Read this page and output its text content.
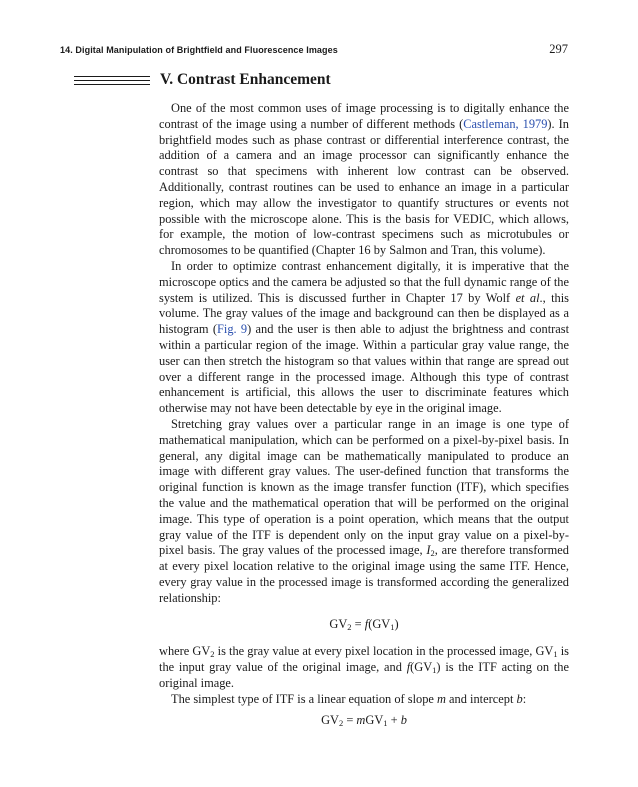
14. Digital Manipulation of Brightfield and Fluorescence Images	297
V. Contrast Enhancement

One of the most common uses of image processing is to digitally enhance the contrast of the image using a number of different methods (Castleman, 1979). In brightfield modes such as phase contrast or differential interference contrast, the addition of a camera and an image processor can significantly enhance the contrast so that specimens with inherent low contrast can be observed. Additionally, contrast routines can be used to enhance an image in a particular region, which may allow the investigator to quantify structures or events not possible with the microscope alone. This is the basis for VEDIC, which allows, for example, the motion of low-contrast specimens such as microtubules or chromosomes to be quantified (Chapter 16 by Salmon and Tran, this volume).

In order to optimize contrast enhancement digitally, it is imperative that the microscope optics and the camera be adjusted so that the full dynamic range of the system is utilized. This is discussed further in Chapter 17 by Wolf et al., this volume. The gray values of the image and background can then be displayed as a histogram (Fig. 9) and the user is then able to adjust the brightness and contrast within a particular region of the image. Within a particular gray value range, the user can then stretch the histogram so that values within that range are spread out over a different range in the processed image. Although this type of contrast enhancement is artificial, this allows the user to discriminate features which otherwise may not have been detectable by eye in the original image.

Stretching gray values over a particular range in an image is one type of mathematical manipulation, which can be performed on a pixel-by-pixel basis. In general, any digital image can be mathematically manipulated to produce an image with different gray values. The user-defined function that transforms the original function is known as the image transfer function (ITF), which specifies the value and the mathematical operation that will be performed on the original image. This type of operation is a point operation, which means that the output gray value of the ITF is dependent only on the input gray value on a pixel-by-pixel basis. The gray values of the processed image, $I_2$, are therefore transformed at every pixel location relative to the original image using the same ITF. Hence, every gray value in the processed image is transformed according the generalized relationship:

$GV_2 = f(GV_1)$

where $GV_2$ is the gray value at every pixel location in the processed image, $GV_1$ is the input gray value of the original image, and $f(GV_1)$ is the ITF acting on the original image.

The simplest type of ITF is a linear equation of slope m and intercept b:

$GV_2 = mGV_1 + b$
